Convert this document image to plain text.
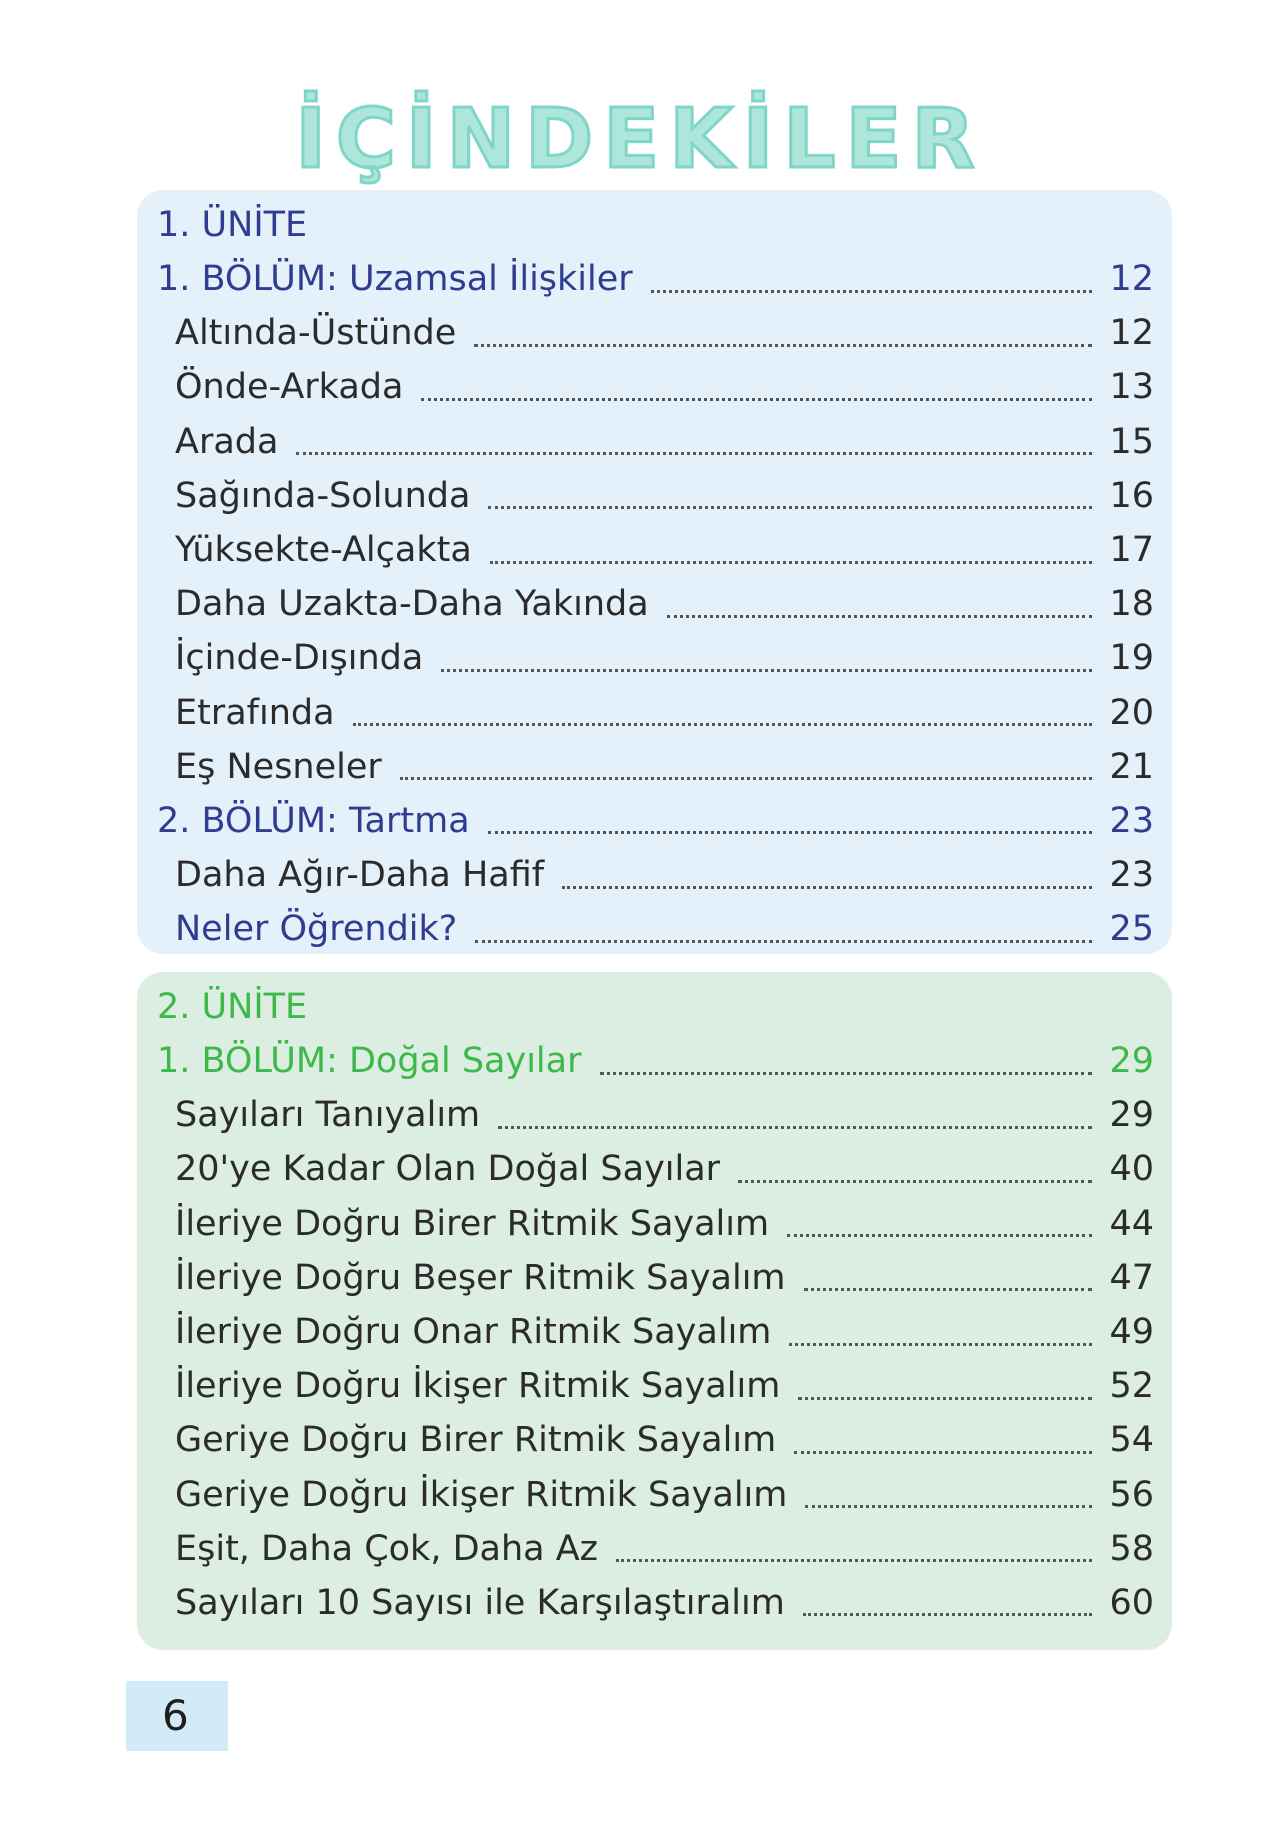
İÇİNDEKİLER
1. ÜNİTE
1. BÖLÜM: Uzamsal İlişkiler	12
Altında-Üstünde	12
Önde-Arkada	13
Arada	15
Sağında-Solunda	16
Yüksekte-Alçakta	17
Daha Uzakta-Daha Yakında	18
İçinde-Dışında	19
Etrafında	20
Eş Nesneler	21
2. BÖLÜM: Tartma	23
Daha Ağır-Daha Hafif	23
Neler Öğrendik?	25
2. ÜNİTE
1. BÖLÜM: Doğal Sayılar	29
Sayıları Tanıyalım	29
20'ye Kadar Olan Doğal Sayılar	40
İleriye Doğru Birer Ritmik Sayalım	44
İleriye Doğru Beşer Ritmik Sayalım	47
İleriye Doğru Onar Ritmik Sayalım	49
İleriye Doğru İkişer Ritmik Sayalım	52
Geriye Doğru Birer Ritmik Sayalım	54
Geriye Doğru İkişer Ritmik Sayalım	56
Eşit, Daha Çok, Daha Az	58
Sayıları 10 Sayısı ile Karşılaştıralım	60
6
